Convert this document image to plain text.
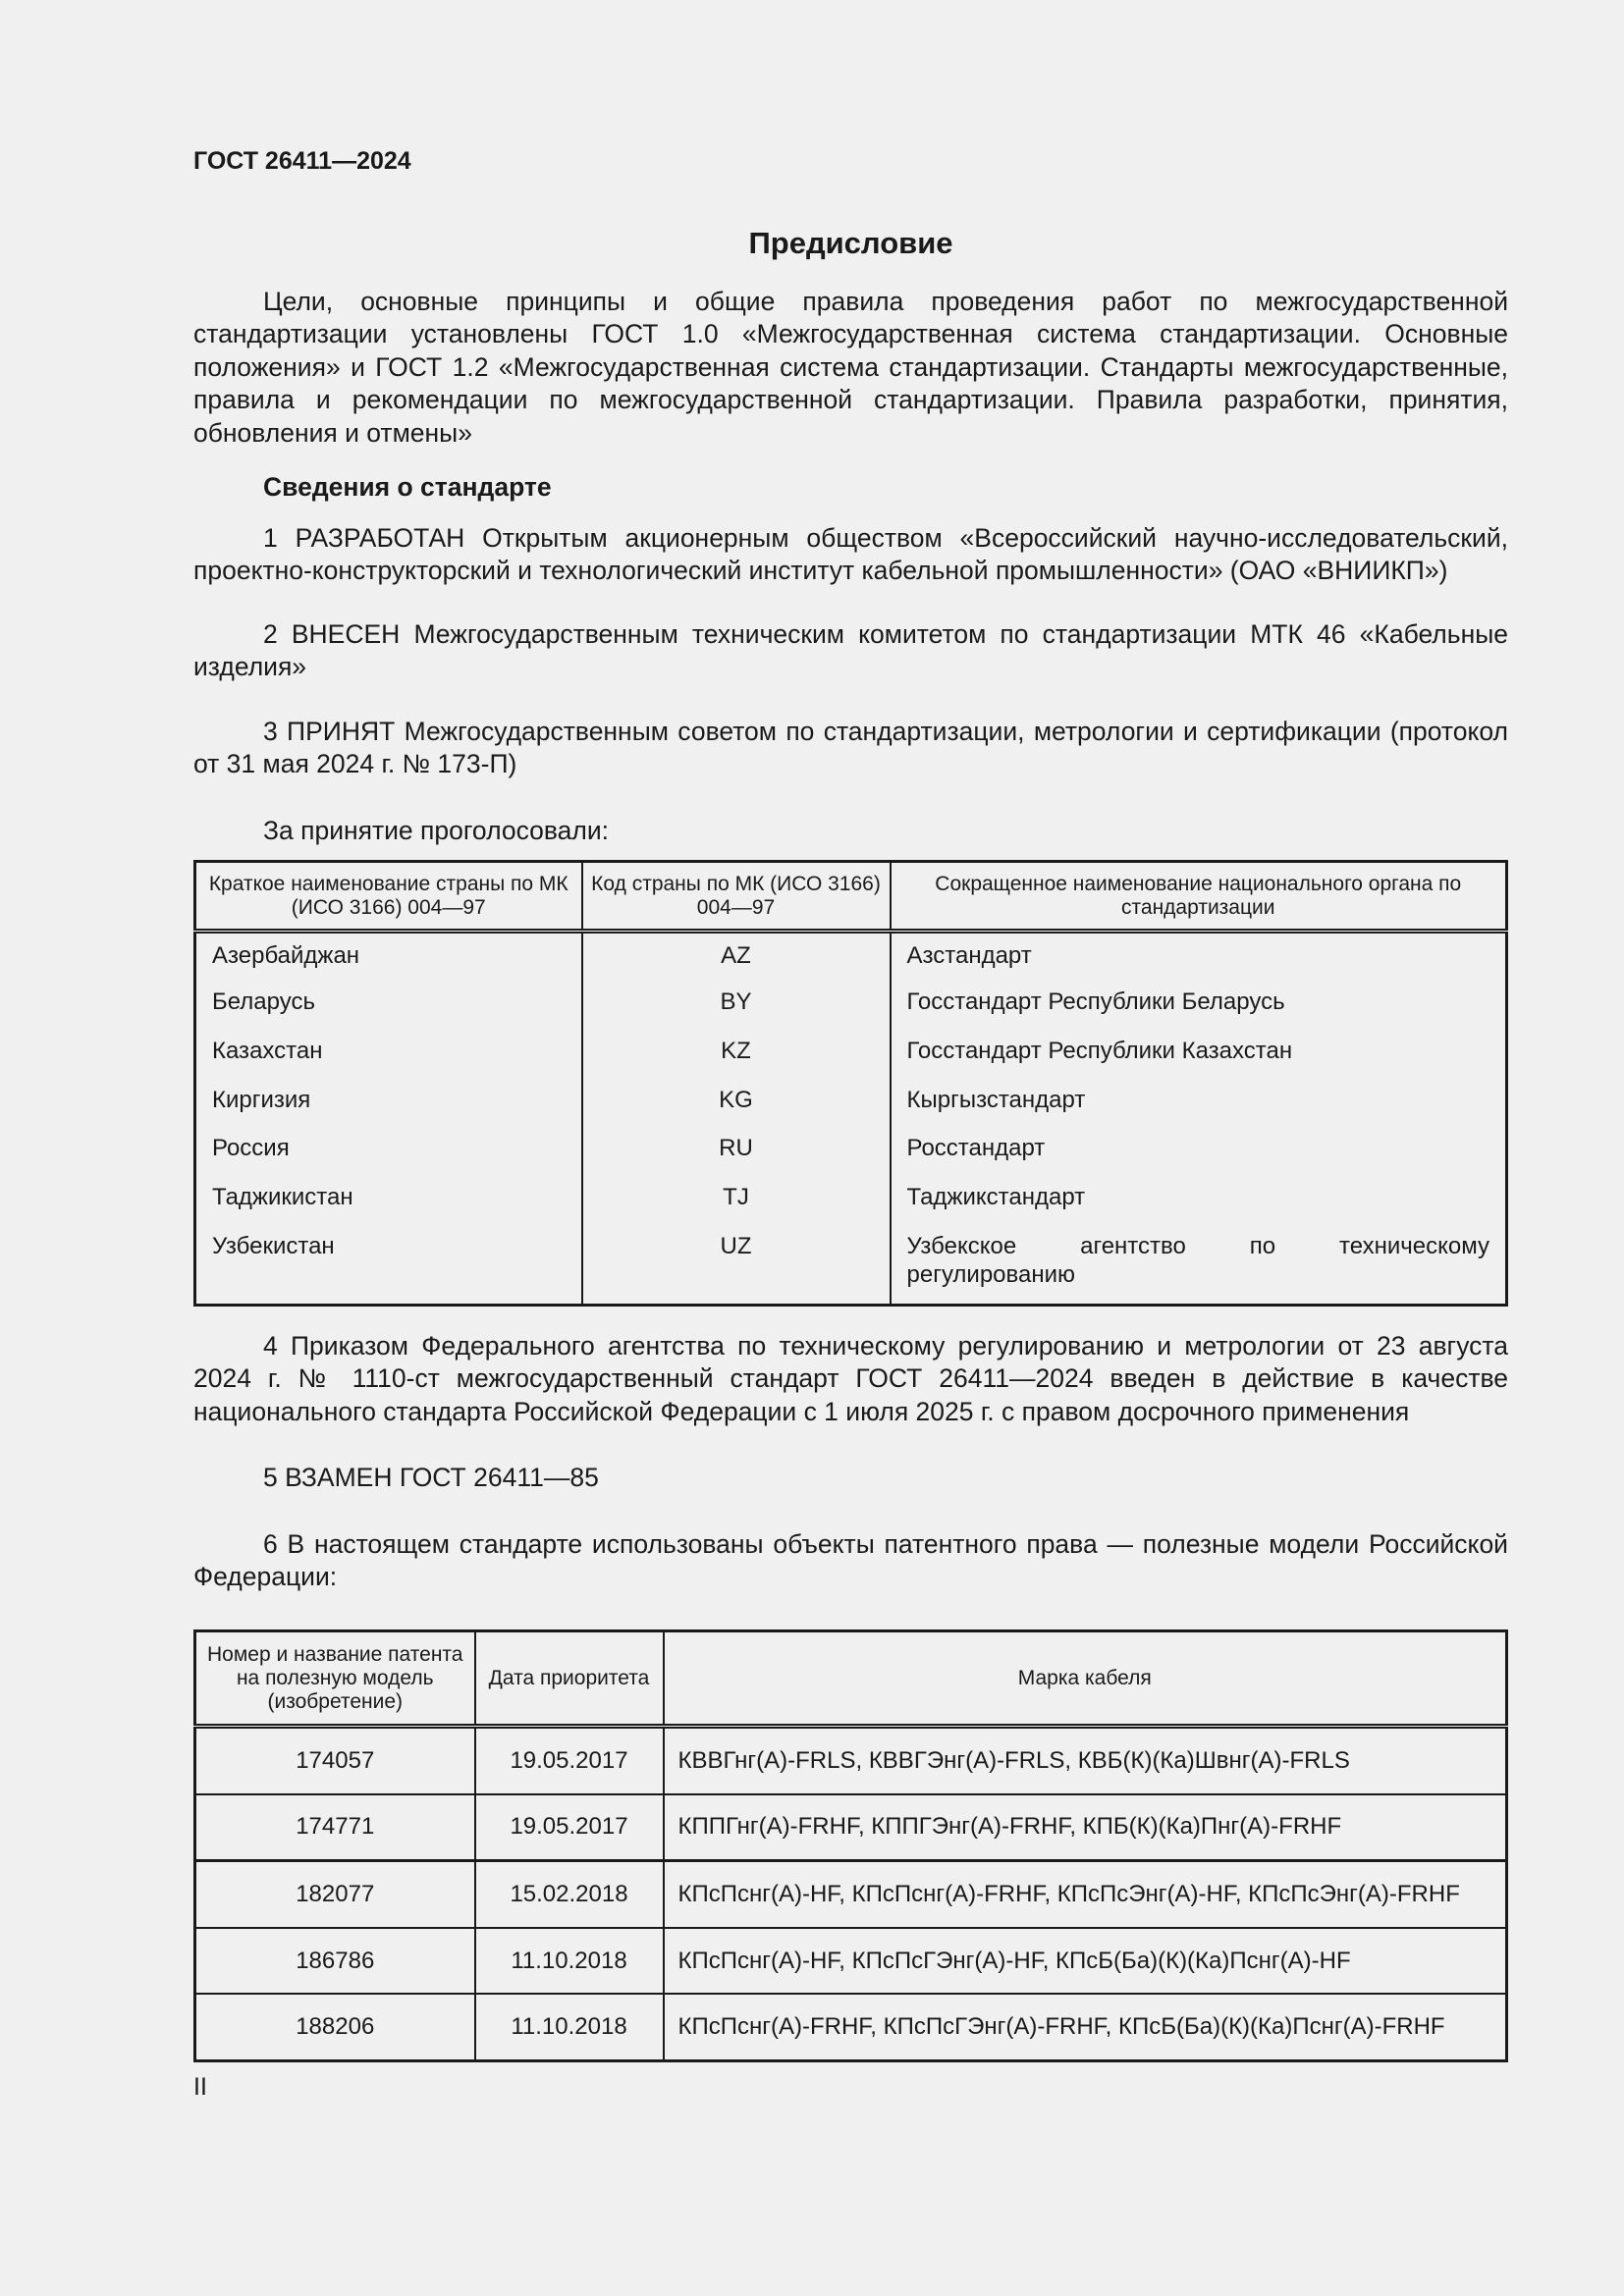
ГОСТ 26411—2024
Предисловие
Цели, основные принципы и общие правила проведения работ по межгосударственной стандартизации установлены ГОСТ 1.0 «Межгосударственная система стандартизации. Основные положения» и ГОСТ 1.2 «Межгосударственная система стандартизации. Стандарты межгосударственные, правила и рекомендации по межгосударственной стандартизации. Правила разработки, принятия, обновления и отмены»
Сведения о стандарте
1 РАЗРАБОТАН Открытым акционерным обществом «Всероссийский научно-исследовательский, проектно-конструкторский и технологический институт кабельной промышленности» (ОАО «ВНИИКП»)
2 ВНЕСЕН Межгосударственным техническим комитетом по стандартизации МТК 46 «Кабельные изделия»
3 ПРИНЯТ Межгосударственным советом по стандартизации, метрологии и сертификации (протокол от 31 мая 2024 г. № 173-П)
За принятие проголосовали:
Краткое наименование страны по МК (ИСО 3166) 004—97	Код страны по МК (ИСО 3166) 004—97	Сокращенное наименование национального органа по стандартизации
Азербайджан	AZ	Азстандарт
Беларусь	BY	Госстандарт Республики Беларусь
Казахстан	KZ	Госстандарт Республики Казахстан
Киргизия	KG	Кыргызстандарт
Россия	RU	Росстандарт
Таджикистан	TJ	Таджикстандарт
Узбекистан	UZ	Узбекское агентство по техническому регулированию
4 Приказом Федерального агентства по техническому регулированию и метрологии от 23 августа 2024 г. № 1110-ст межгосударственный стандарт ГОСТ 26411—2024 введен в действие в качестве национального стандарта Российской Федерации с 1 июля 2025 г. с правом досрочного применения
5 ВЗАМЕН ГОСТ 26411—85
6 В настоящем стандарте использованы объекты патентного права — полезные модели Российской Федерации:
Номер и название патента на полезную модель (изобретение)	Дата приоритета	Марка кабеля
174057	19.05.2017	КВВГнг(А)-FRLS, КВВГЭнг(А)-FRLS, КВБ(К)(Ка)Швнг(А)-FRLS
174771	19.05.2017	КППГнг(А)-FRHF, КППГЭнг(А)-FRHF, КПБ(К)(Ка)Пнг(А)-FRHF
182077	15.02.2018	КПсПснг(А)-HF, КПсПснг(А)-FRHF, КПсПсЭнг(А)-HF, КПсПсЭнг(А)-FRHF
186786	11.10.2018	КПсПснг(А)-HF, КПсПсГЭнг(А)-HF, КПсБ(Ба)(К)(Ка)Пснг(А)-HF
188206	11.10.2018	КПсПснг(А)-FRHF, КПсПсГЭнг(А)-FRHF, КПсБ(Ба)(К)(Ка)Пснг(А)-FRHF
II
